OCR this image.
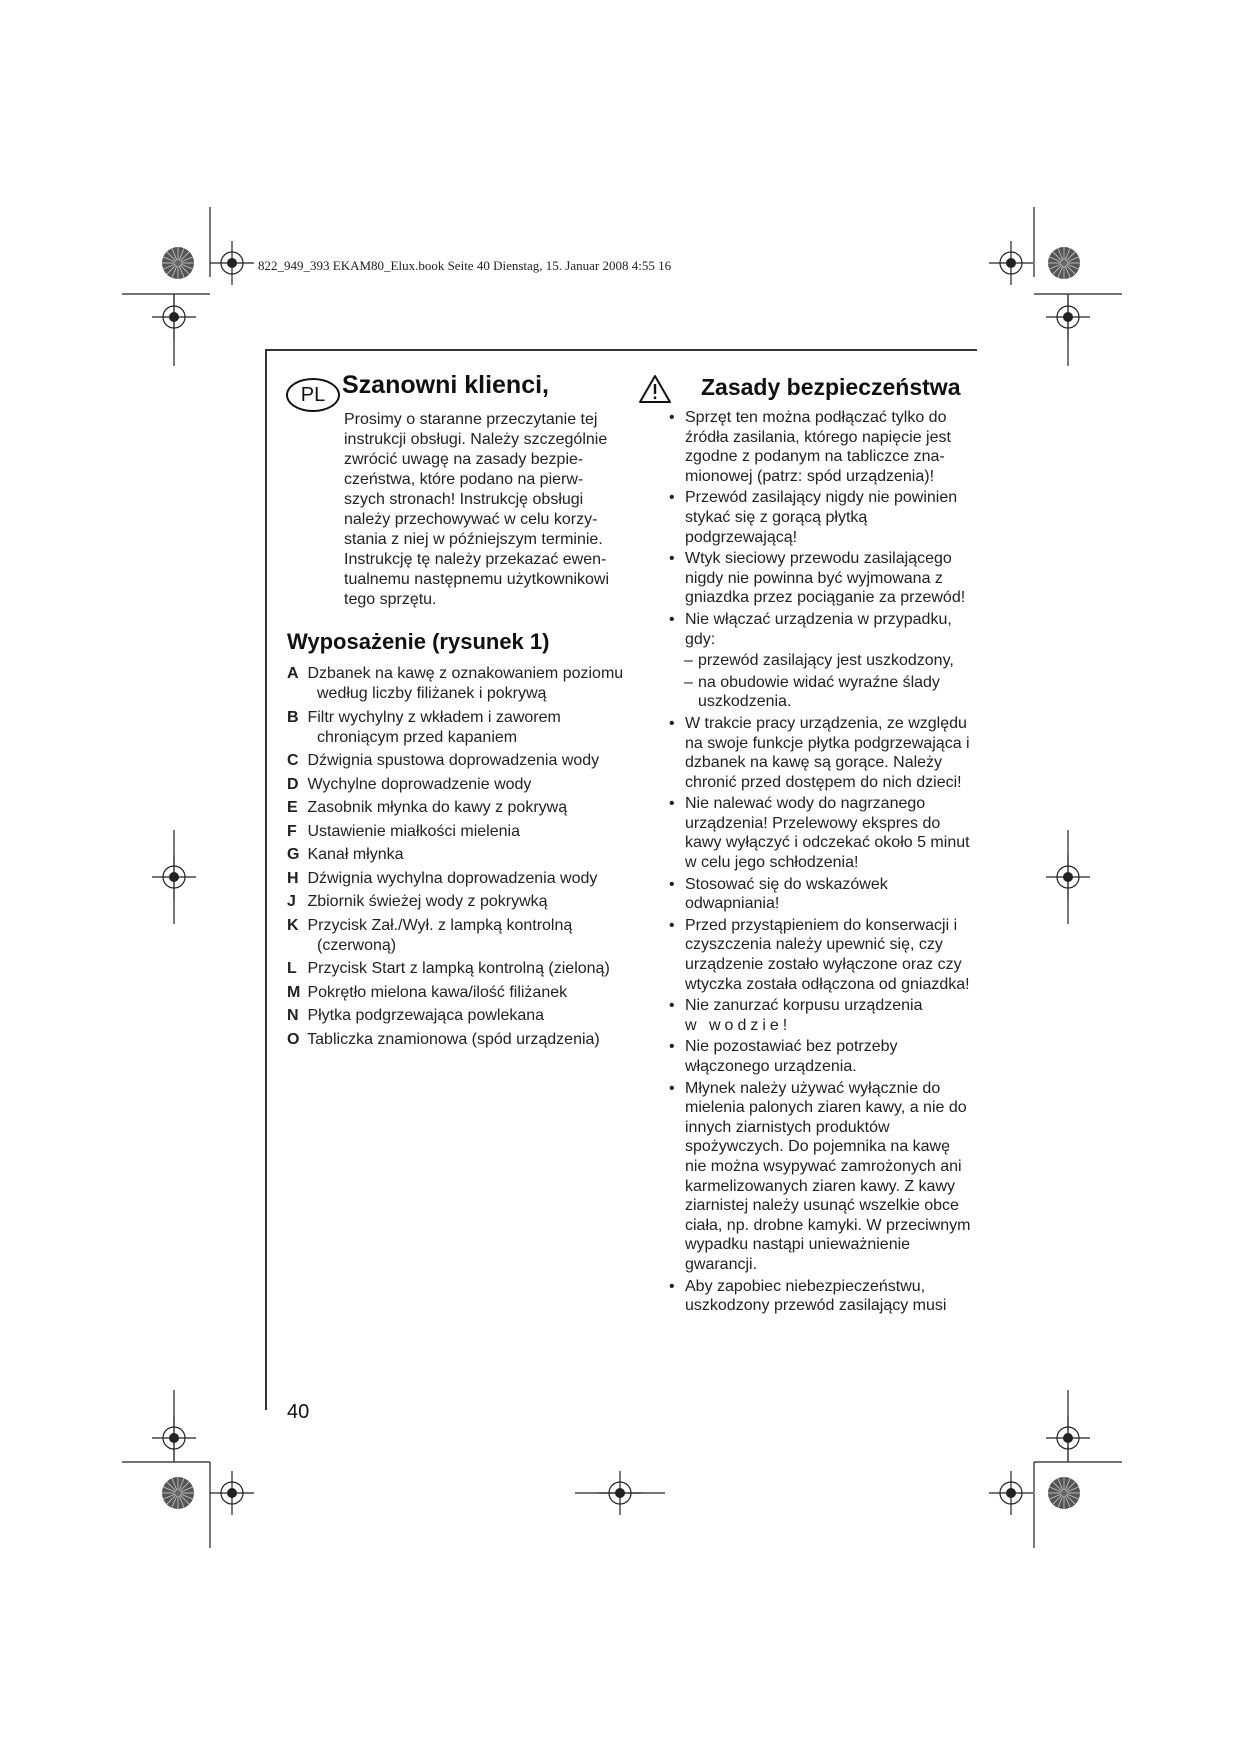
822_949_393 EKAM80_Elux.book Seite 40 Dienstag, 15. Januar 2008 4:55 16
PL Szanowni klienci,

Prosimy o staranne przeczytanie tej

instrukcji obsługi. Należy szczególnie

zwrócić uwagę na zasady bezpie-

czeństwa, które podano na pierw-

szych stronach! Instrukcję obsługi

należy przechowywać w celu korzy-

stania z niej w późniejszym terminie.

Instrukcję tę należy przekazać ewen-

tualnemu następnemu użytkownikowi

tego sprzętu.

Wyposażenie (rysunek 1)
A Dzbanek na kawę z oznakowaniem poziomu według liczby filiżanek i pokrywą
B Filtr wychylny z wkładem i zaworem chroniącym przed kapaniem
C Dźwignia spustowa doprowadzenia wody
D Wychylne doprowadzenie wody
E Zasobnik młynka do kawy z pokrywą
F Ustawienie miałkości mielenia
G Kanał młynka
H Dźwignia wychylna doprowadzenia wody
J Zbiornik świeżej wody z pokrywką
K Przycisk Zał./Wył. z lampką kontrolną (czerwoną)
L Przycisk Start z lampką kontrolną (zieloną)
M Pokrętło mielona kawa/ilość filiżanek
N Płytka podgrzewająca powlekana
O Tabliczka znamionowa (spód urządzenia)
Zasady bezpieczeństwa
• Sprzęt ten można podłączać tylko do źródła zasilania, którego napięcie jest zgodne z podanym na tabliczce zna-mionowej (patrz: spód urządzenia)!
• Przewód zasilający nigdy nie powinien stykać się z gorącą płytką podgrzewającą!
• Wtyk sieciowy przewodu zasilającego nigdy nie powinna być wyjmowana z gniazdka przez pociąganie za przewód!
• Nie włączać urządzenia w przypadku, gdy:
– przewód zasilający jest uszkodzony,
– na obudowie widać wyraźne ślady uszkodzenia.
• W trakcie pracy urządzenia, ze względu na swoje funkcje płytka podgrzewająca i dzbanek na kawę są gorące. Należy chronić przed dostępem do nich dzieci!
• Nie nalewać wody do nagrzanego urządzenia! Przelewowy ekspres do kawy wyłączyć i odczekać około 5 minut w celu jego schłodzenia!
• Stosować się do wskazówek odwapniania!
• Przed przystąpieniem do konserwacji i czyszczenia należy upewnić się, czy urządzenie zostało wyłączone oraz czy wtyczka została odłączona od gniazdka!
• Nie zanurzać korpusu urządzenia
w wodzie!
• Nie pozostawiać bez potrzeby włączonego urządzenia.
• Młynek należy używać wyłącznie do mielenia palonych ziaren kawy, a nie do innych ziarnistych produktów spożywczych. Do pojemnika na kawę nie można wsypywać zamrożonych ani karmelizowanych ziaren kawy. Z kawy ziarnistej należy usunąć wszelkie obce ciała, np. drobne kamyki. W przeciwnym wypadku nastąpi unieważnienie gwarancji.
• Aby zapobiec niebezpieczeństwu, uszkodzony przewód zasilający musi
40
